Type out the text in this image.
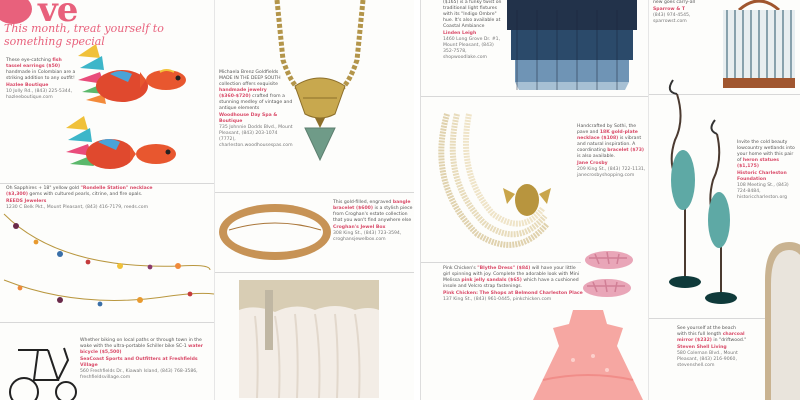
ve
This month, treat yourself to something special
These eye-catching fish tassel earrings ($50) handmade in Colombian are a striking addition to any outfit!
Hazlee Boutique
10 Jolly Rd., (843) 225-5344, hazleeboutique.com
Oh Sapphires + 18" yellow gold "Rondelle Station" necklace ($3,300) gems with cultured pearls, citrine, and fire opals.
REEDS Jewelers
1230 C Belk Pkt., Mount Pleasant, (843) 416-7179, reeds.com
Whether biking on local paths or through town in the wake with the ultra-portable Schiller bike SC-1 water bicycle ($5,500)
SeaCoast Sports and Outfitters at Freshfields Village
560 Freshfields Dr., Kiawah Island, (843) 768-3586, freshfieldsvillage.com
Michaela Brenz Goldfields MADE IN THE DEEP SOUTH collection offers exquisite handmade jewelry ($360-$720) crafted from a stunning medley of vintage and antique elements
Woodhouse Day Spa & Boutique
735 Johnnie Dodds Blvd., Mount Pleasant, (843) 203-1074 (7772), charleston.woodhousespas.com
This gold-filled, engraved bangle bracelet ($600) is a stylish piece from Croghan's estate collection that you won't find anywhere else
Croghan's Jewel Box
308 King St., (843) 723-3594, croghansjewelbox.com
($165) is a funky twist on traditional light fixtures with its "Indigo Ombre" hue. It's also available at Coastal Ambiance
Linden Leigh
1460 Long Grove Dr. #1, Mount Pleasant, (843) 352-7578, shopwoodlake.com
Handcrafted by Sothi, the pave and 18K gold-plate necklace ($108) is vibrant and natural inspiration. A coordinating bracelet ($73) is also available.
Jane Crosby
209 King St., (843) 722-1131, janecrosbyshopping.com
Pink Chicken's "Blythe Dress" ($84) will have your little girl spinning with joy. Complete the adorable look with Mini Melissa pink jelly sandals ($65) which have a cushioned insole and Velcro strap fastenings.
Pink Chicken: The Shops at Belmond Charleston Place
137 King St., (843) 961-0445, pinkchicken.com
new goes carry-all
Sparrow & T
(843) 974-4545, sparrowst.com
Invite the cold beauty lowcountry wetlands into your home with this pair of heron statues ($1,175)
Historic Charleston Foundation
108 Meeting St., (843) 724-8484, historiccharleston.org
See yourself at the beach with this full length charcoal mirror ($232) in "driftwood."
Steven Shell Living
580 Coleman Blvd., Mount Pleasant, (843) 216-9060, stevenshell.com
